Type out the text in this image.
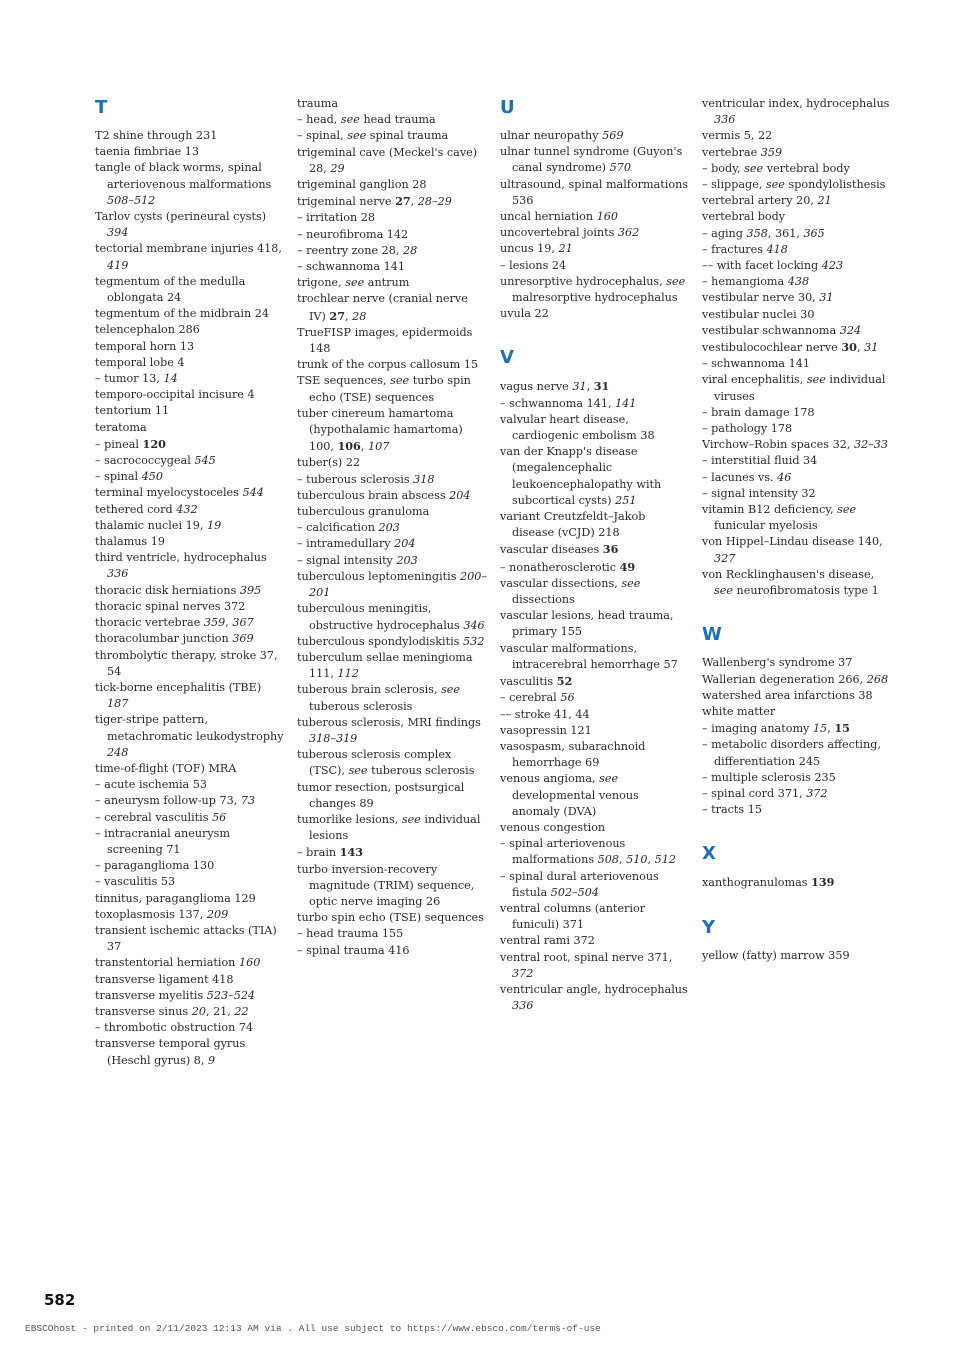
T
T2 shine through 231
taenia fimbriae 13
tangle of black worms, spinal arteriovenous malformations 508–512
Tarlov cysts (perineural cysts) 394
tectorial membrane injuries 418, 419
tegmentum of the medulla oblongata 24
tegmentum of the midbrain 24
telencephalon 286
temporal horn 13
temporal lobe 4
– tumor 13, 14
temporo-occipital incisure 4
tentorium 11
teratoma
– pineal 120
– sacrococcygeal 545
– spinal 450
terminal myelocystoceles 544
tethered cord 432
thalamic nuclei 19, 19
thalamus 19
third ventricle, hydrocephalus 336
thoracic disk herniations 395
thoracic spinal nerves 372
thoracic vertebrae 359, 367
thoracolumbar junction 369
thrombolytic therapy, stroke 37, 54
tick-borne encephalitis (TBE) 187
tiger-stripe pattern, metachromatic leukodystrophy 248
time-of-flight (TOF) MRA
– acute ischemia 53
– aneurysm follow-up 73, 73
– cerebral vasculitis 56
– intracranial aneurysm screening 71
– paraganglioma 130
– vasculitis 53
tinnitus, paraganglioma 129
toxoplasmosis 137, 209
transient ischemic attacks (TIA) 37
transtentorial herniation 160
transverse ligament 418
transverse myelitis 523–524
transverse sinus 20, 21, 22
– thrombotic obstruction 74
transverse temporal gyrus (Heschl gyrus) 8, 9
trauma
– head, see head trauma
– spinal, see spinal trauma
trigeminal cave (Meckel's cave) 28, 29
trigeminal ganglion 28
trigeminal nerve 27, 28–29
– irritation 28
– neurofibroma 142
– reentry zone 28, 28
– schwannoma 141
trigone, see antrum
trochlear nerve (cranial nerve IV) 27, 28
TrueFISP images, epidermoids 148
trunk of the corpus callosum 15
TSE sequences, see turbo spin echo (TSE) sequences
tuber cinereum hamartoma (hypothalamic hamartoma) 100, 106, 107
tuber(s) 22
– tuberous sclerosis 318
tuberculous brain abscess 204
tuberculous granuloma
– calcification 203
– intramedullary 204
– signal intensity 203
tuberculous leptomeningitis 200–201
tuberculous meningitis, obstructive hydrocephalus 346
tuberculous spondylodiskitis 532
tuberculum sellae meningioma 111, 112
tuberous brain sclerosis, see tuberous sclerosis
tuberous sclerosis, MRI findings 318–319
tuberous sclerosis complex (TSC), see tuberous sclerosis
tumor resection, postsurgical changes 89
tumorlike lesions, see individual lesions
– brain 143
turbo inversion-recovery magnitude (TRIM) sequence, optic nerve imaging 26
turbo spin echo (TSE) sequences
– head trauma 155
– spinal trauma 416
U
ulnar neuropathy 569
ulnar tunnel syndrome (Guyon's canal syndrome) 570
ultrasound, spinal malformations 536
uncal herniation 160
uncovertebral joints 362
uncus 19, 21
– lesions 24
unresorptive hydrocephalus, see malresorptive hydrocephalus
uvula 22
V
vagus nerve 31, 31
– schwannoma 141, 141
valvular heart disease, cardiogenic embolism 38
van der Knapp's disease (megalencephalic leukoencephalopathy with subcortical cysts) 251
variant Creutzfeldt–Jakob disease (vCJD) 218
vascular diseases 36
– nonatherosclerotic 49
vascular dissections, see dissections
vascular lesions, head trauma, primary 155
vascular malformations, intracerebral hemorrhage 57
vasculitis 52
– cerebral 56
–– stroke 41, 44
vasopressin 121
vasospasm, subarachnoid hemorrhage 69
venous angioma, see developmental venous anomaly (DVA)
venous congestion
– spinal arteriovenous malformations 508, 510, 512
– spinal dural arteriovenous fistula 502–504
ventral columns (anterior funiculi) 371
ventral rami 372
ventral root, spinal nerve 371, 372
ventricular angle, hydrocephalus 336
ventricular index, hydrocephalus 336
vermis 5, 22
vertebrae 359
– body, see vertebral body
– slippage, see spondylolisthesis
vertebral artery 20, 21
vertebral body
– aging 358, 361, 365
– fractures 418
–– with facet locking 423
– hemangioma 438
vestibular nerve 30, 31
vestibular nuclei 30
vestibular schwannoma 324
vestibulocochlear nerve 30, 31
– schwannoma 141
viral encephalitis, see individual viruses
– brain damage 178
– pathology 178
Virchow–Robin spaces 32, 32–33
– interstitial fluid 34
– lacunes vs. 46
– signal intensity 32
vitamin B12 deficiency, see funicular myelosis
von Hippel–Lindau disease 140, 327
von Recklinghausen's disease, see neurofibromatosis type 1
W
Wallenberg's syndrome 37
Wallerian degeneration 266, 268
watershed area infarctions 38
white matter
– imaging anatomy 15, 15
– metabolic disorders affecting, differentiation 245
– multiple sclerosis 235
– spinal cord 371, 372
– tracts 15
X
xanthogranulomas 139
Y
yellow (fatty) marrow 359
582
EBSCOhost - printed on 2/11/2023 12:13 AM via . All use subject to https://www.ebsco.com/terms-of-use
